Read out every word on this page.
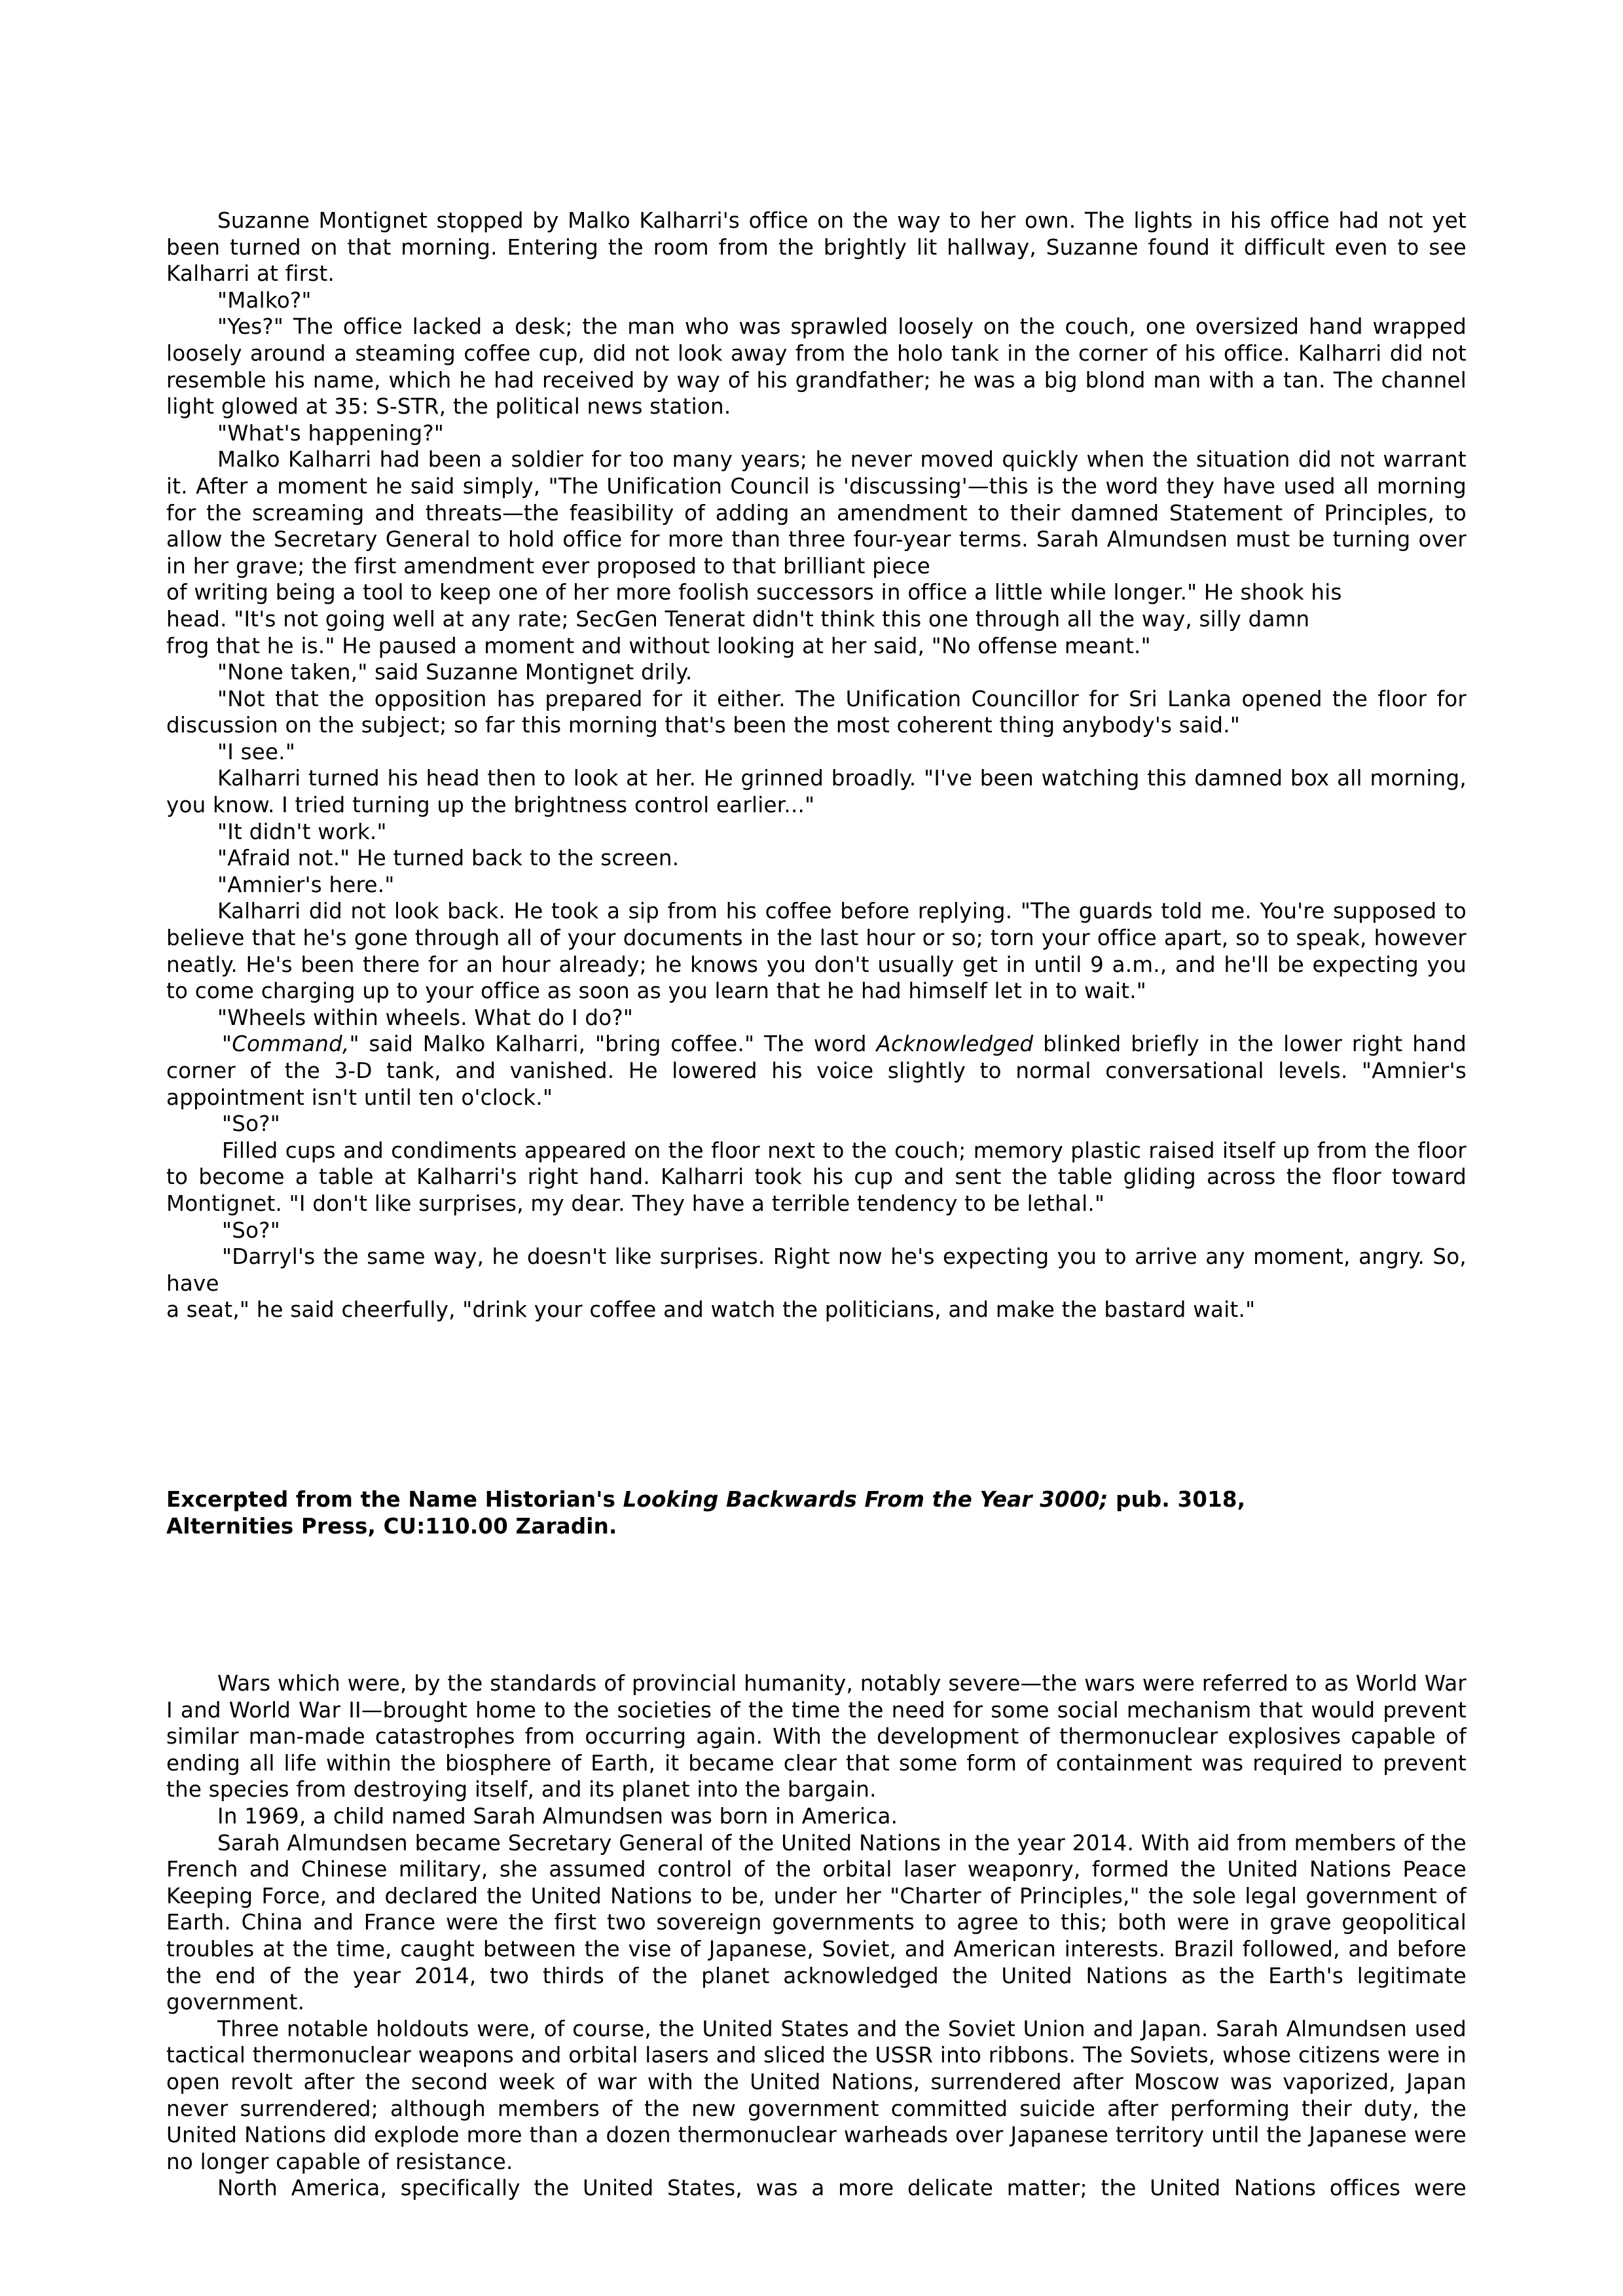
Suzanne Montignet stopped by Malko Kalharri's office on the way to her own. The lights in his office had not yet been turned on that morning. Entering the room from the brightly lit hallway, Suzanne found it difficult even to see Kalharri at first.

"Malko?"

"Yes?" The office lacked a desk; the man who was sprawled loosely on the couch, one oversized hand wrapped loosely around a steaming coffee cup, did not look away from the holo tank in the corner of his office. Kalharri did not resemble his name, which he had received by way of his grandfather; he was a big blond man with a tan. The channel light glowed at 35: S-STR, the political news station.

"What's happening?"

Malko Kalharri had been a soldier for too many years; he never moved quickly when the situation did not warrant it. After a moment he said simply, "The Unification Council is 'discussing'—this is the word they have used all morning for the screaming and threats—the feasibility of adding an amendment to their damned Statement of Principles, to allow the Secretary General to hold office for more than three four-year terms. Sarah Almundsen must be turning over in her grave; the first amendment ever proposed to that brilliant piece

of writing being a tool to keep one of her more foolish successors in office a little while longer." He shook his

head. "It's not going well at any rate; SecGen Tenerat didn't think this one through all the way, silly damn

frog that he is." He paused a moment and without looking at her said, "No offense meant."

"None taken," said Suzanne Montignet drily.

"Not that the opposition has prepared for it either. The Unification Councillor for Sri Lanka opened the floor for discussion on the subject; so far this morning that's been the most coherent thing anybody's said."

"I see."

Kalharri turned his head then to look at her. He grinned broadly. "I've been watching this damned box all morning, you know. I tried turning up the brightness control earlier..."

"It didn't work."

"Afraid not." He turned back to the screen.

"Amnier's here."

Kalharri did not look back. He took a sip from his coffee before replying. "The guards told me. You're supposed to believe that he's gone through all of your documents in the last hour or so; torn your office apart, so to speak, however neatly. He's been there for an hour already; he knows you don't usually get in until 9 a.m., and he'll be expecting you to come charging up to your office as soon as you learn that he had himself let in to wait."

"Wheels within wheels. What do I do?"

"Command," said Malko Kalharri, "bring coffee." The word Acknowledged blinked briefly in the lower right hand corner of the 3-D tank, and vanished. He lowered his voice slightly to normal conversational levels. "Amnier's appointment isn't until ten o'clock."

"So?"

Filled cups and condiments appeared on the floor next to the couch; memory plastic raised itself up from the floor to become a table at Kalharri's right hand. Kalharri took his cup and sent the table gliding across the floor toward Montignet. "I don't like surprises, my dear. They have a terrible tendency to be lethal."

"So?"

"Darryl's the same way, he doesn't like surprises. Right now he's expecting you to arrive any moment, angry. So, have

a seat," he said cheerfully, "drink your coffee and watch the politicians, and make the bastard wait."

Excerpted from the Name Historian's Looking Backwards From the Year 3000; pub. 3018,
Alternities Press, CU:110.00 Zaradin.

Wars which were, by the standards of provincial humanity, notably severe—the wars were referred to as World War I and World War II—brought home to the societies of the time the need for some social mechanism that would prevent similar man-made catastrophes from occurring again. With the development of thermonuclear explosives capable of ending all life within the biosphere of Earth, it became clear that some form of containment was required to prevent the species from destroying itself, and its planet into the bargain.

In 1969, a child named Sarah Almundsen was born in America.

Sarah Almundsen became Secretary General of the United Nations in the year 2014. With aid from members of the French and Chinese military, she assumed control of the orbital laser weaponry, formed the United Nations Peace Keeping Force, and declared the United Nations to be, under her "Charter of Principles," the sole legal government of Earth. China and France were the first two sovereign governments to agree to this; both were in grave geopolitical troubles at the time, caught between the vise of Japanese, Soviet, and American interests. Brazil followed, and before the end of the year 2014, two thirds of the planet acknowledged the United Nations as the Earth's legitimate government.

Three notable holdouts were, of course, the United States and the Soviet Union and Japan. Sarah Almundsen used tactical thermonuclear weapons and orbital lasers and sliced the USSR into ribbons. The Soviets, whose citizens were in open revolt after the second week of war with the United Nations, surrendered after Moscow was vaporized, Japan never surrendered; although members of the new government committed suicide after performing their duty, the United Nations did explode more than a dozen thermonuclear warheads over Japanese territory until the Japanese were no longer capable of resistance.

North America, specifically the United States, was a more delicate matter; the United Nations offices were
